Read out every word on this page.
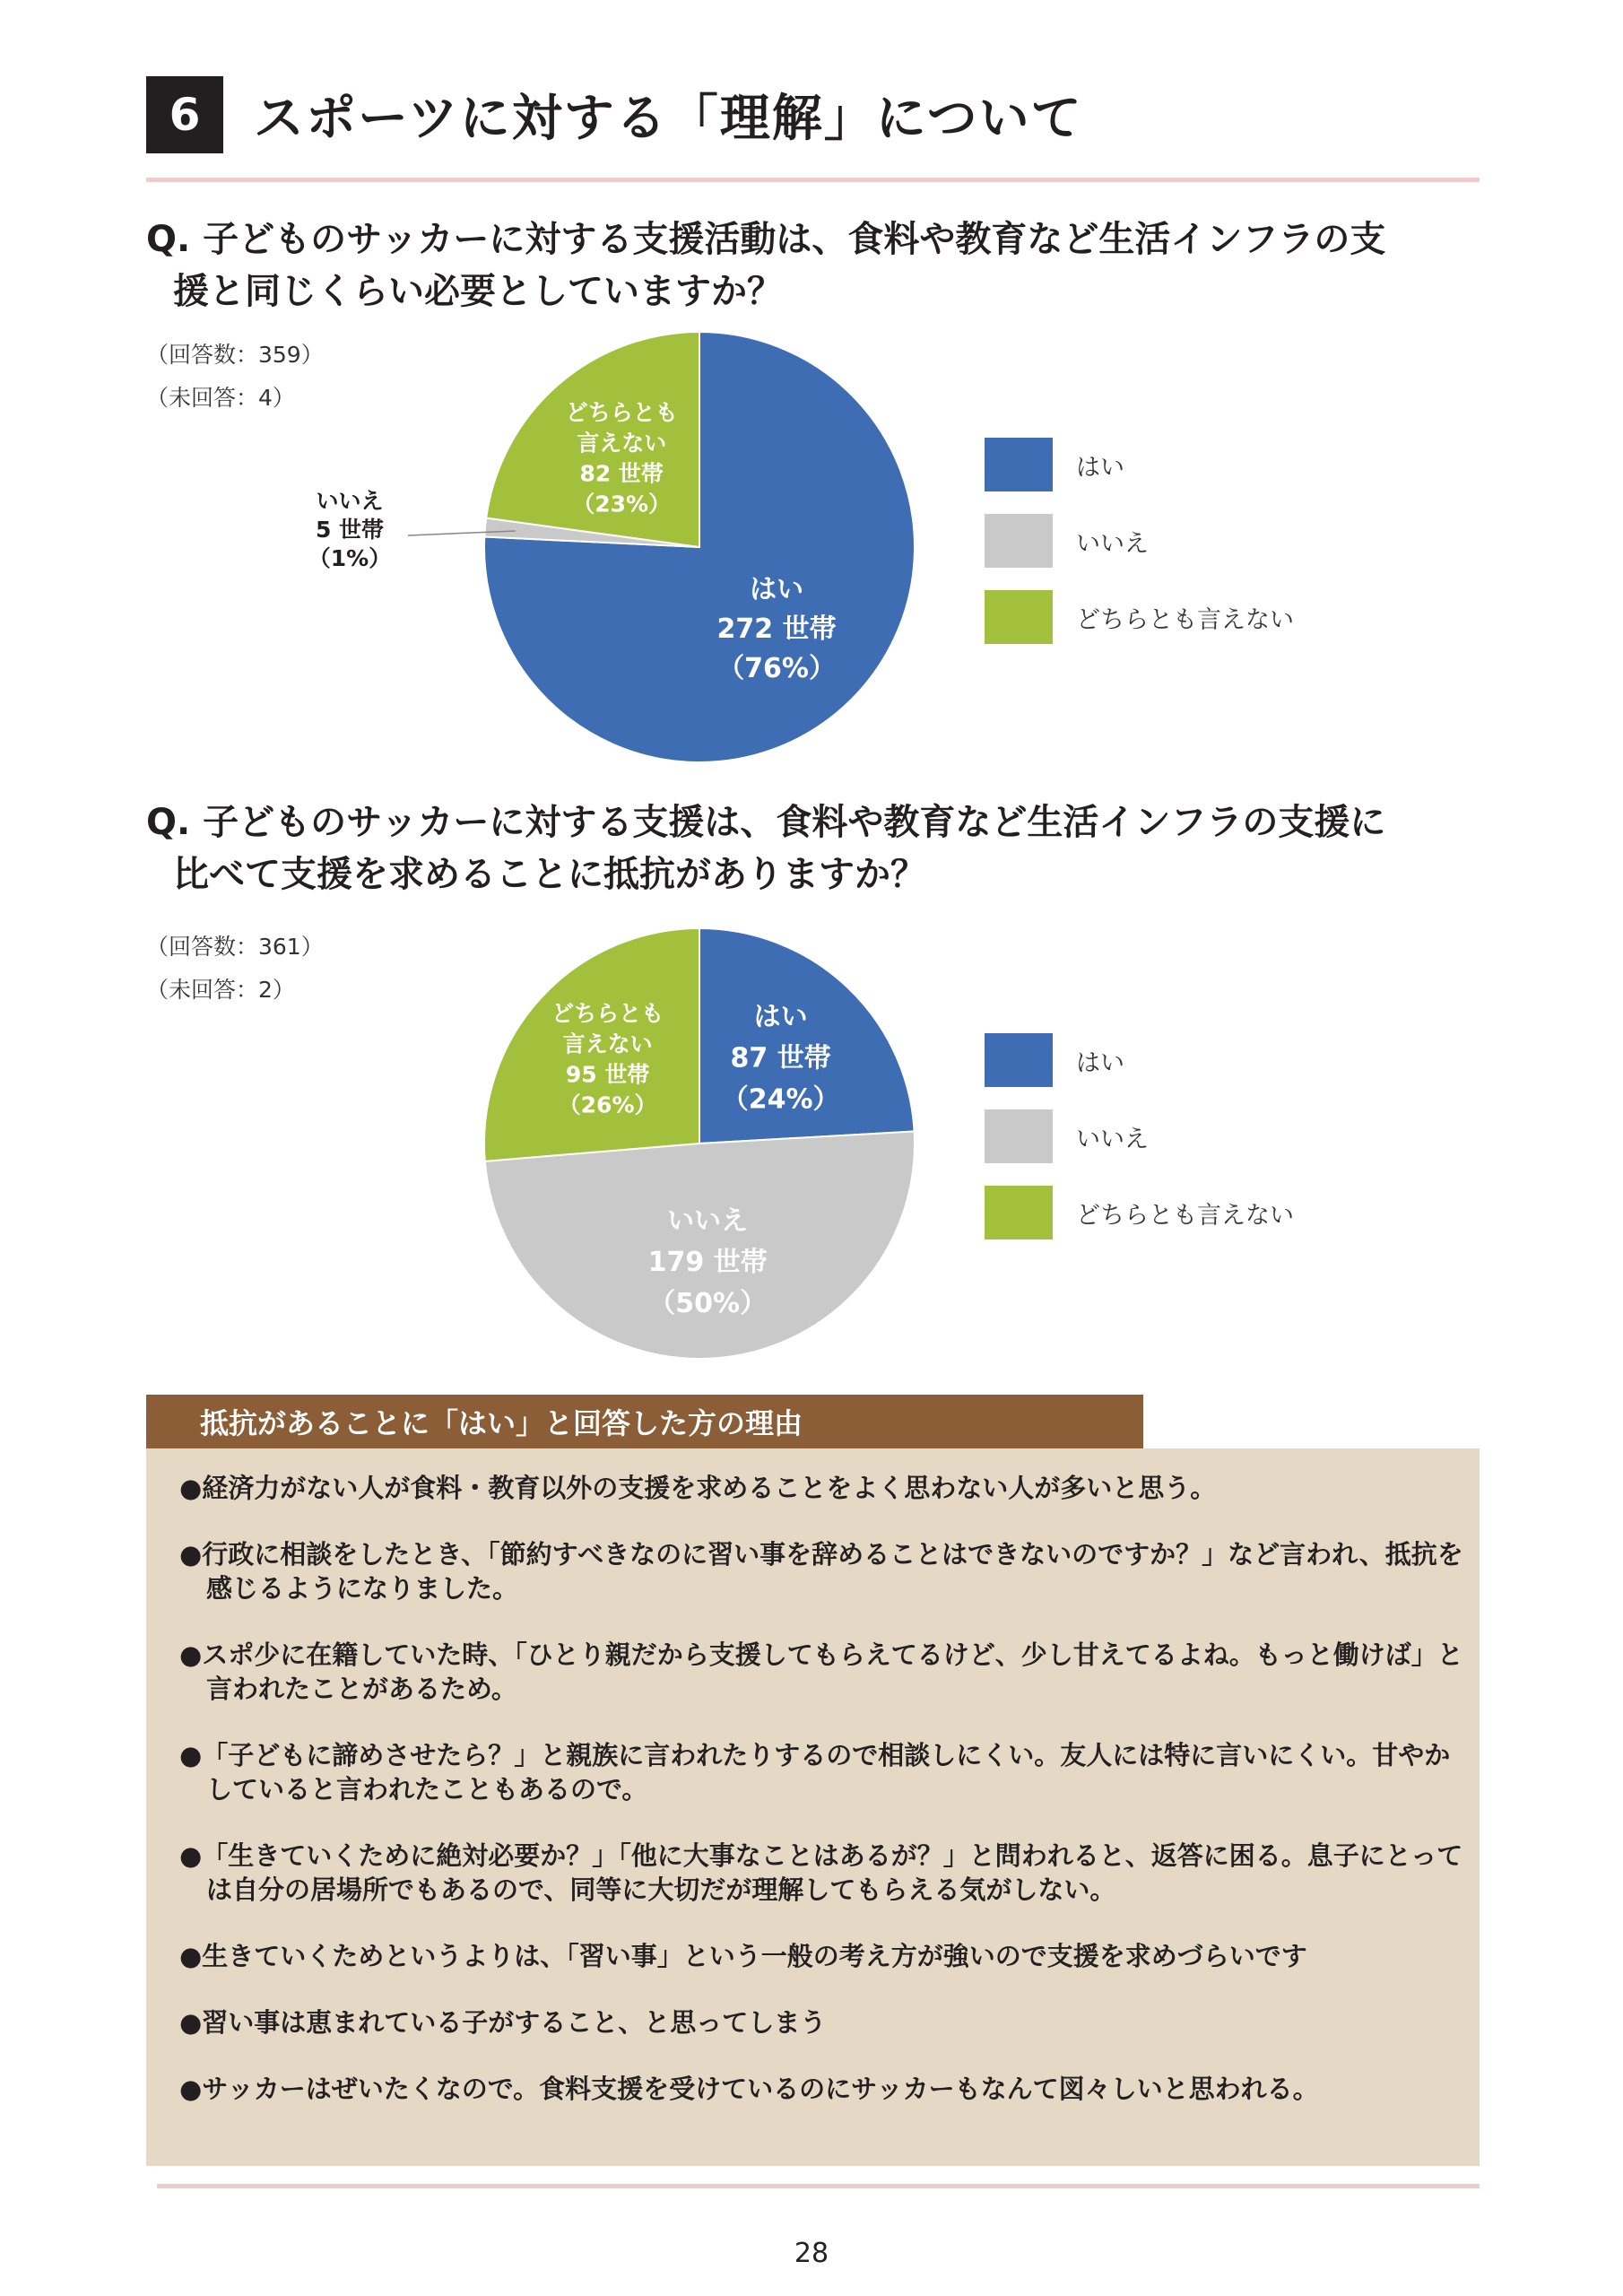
6	スポーツに対する「理解」について
Q. 子どものサッカーに対する支援活動は、食料や教育など生活インフラの支
援と同じくらい必要としていますか？
（回答数：359）
（未回答：4）
はい 272 世帯（76%）
いいえ 5 世帯（1%）
どちらとも言えない 82 世帯（23%）
はい
いいえ
どちらとも言えない
Q. 子どものサッカーに対する支援は、食料や教育など生活インフラの支援に
比べて支援を求めることに抵抗がありますか？
（回答数：361）
（未回答：2）
はい 87 世帯（24%）
いいえ 179 世帯（50%）
どちらとも言えない 95 世帯（26%）
はい
いいえ
どちらとも言えない
抵抗があることに「はい」と回答した方の理由
●経済力がない人が食料・教育以外の支援を求めることをよく思わない人が多いと思う。
●行政に相談をしたとき、「節約すべきなのに習い事を辞めることはできないのですか？」など言われ、抵抗を感じるようになりました。
●スポ少に在籍していた時、「ひとり親だから支援してもらえてるけど、少し甘えてるよね。もっと働けば」と言われたことがあるため。
●「子どもに諦めさせたら？」と親族に言われたりするので相談しにくい。友人には特に言いにくい。甘やかしていると言われたこともあるので。
●「生きていくために絶対必要か？」「他に大事なことはあるが？」と問われると、返答に困る。息子にとっては自分の居場所でもあるので、同等に大切だが理解してもらえる気がしない。
●生きていくためというよりは、「習い事」という一般の考え方が強いので支援を求めづらいです
●習い事は恵まれている子がすること、と思ってしまう
●サッカーはぜいたくなので。食料支援を受けているのにサッカーもなんて図々しいと思われる。
28
